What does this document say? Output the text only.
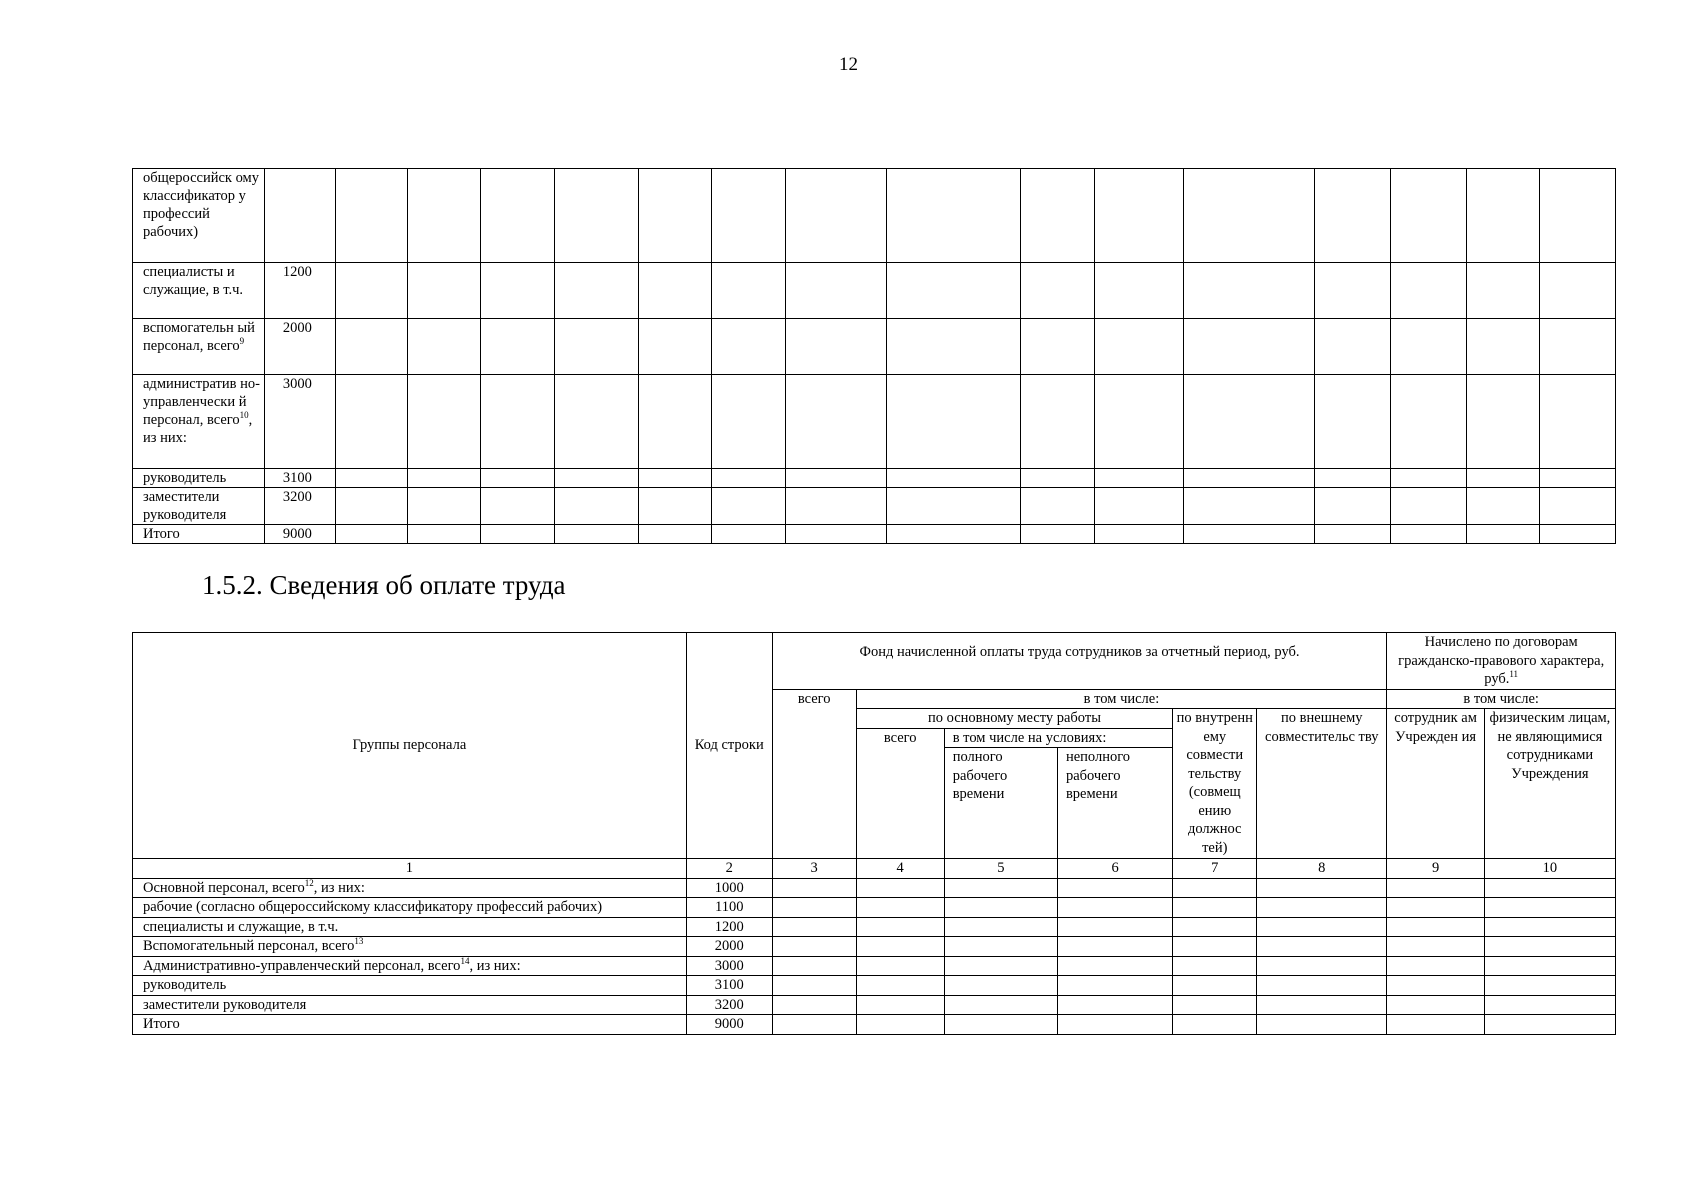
12
общероссийск ому классификатор у профессий рабочих)																
специалисты и служащие, в т.ч.	1200															
вспомогательн ый персонал, всего$^9$	2000															
административ но-управленчески й персонал, всего$^{10}$, из них:	3000															
руководитель	3100															
заместители руководителя	3200															
Итого	9000															
1.5.2. Сведения об оплате труда
Группы персонала	Код строки	Фонд начисленной оплаты труда сотрудников за отчетный период, руб.						Начислено по договорам гражданско-правового характера, руб.$^{11}$
		всего	в том числе:					в том числе:	
			по основному месту работы			по внутренн ему совмести тельству (совмещ ению должнос тей)	по внешнему совместительс тву	сотрудник ам Учрежден ия	физическим лицам, не являющимися сотрудниками Учреждения
			всего	в том числе на условиях:					
				полного рабочего времени	неполного рабочего времени				

1	2	3	4	5	6	7	8	9	10
Основной персонал, всего$^{12}$, из них:	1000								
рабочие (согласно общероссийскому классификатору профессий рабочих)	1100								
специалисты и служащие, в т.ч.	1200								
Вспомогательный персонал, всего$^{13}$	2000								
Административно-управленческий персонал, всего$^{14}$, из них:	3000								
руководитель	3100								
заместители руководителя	3200								
Итого	9000								
